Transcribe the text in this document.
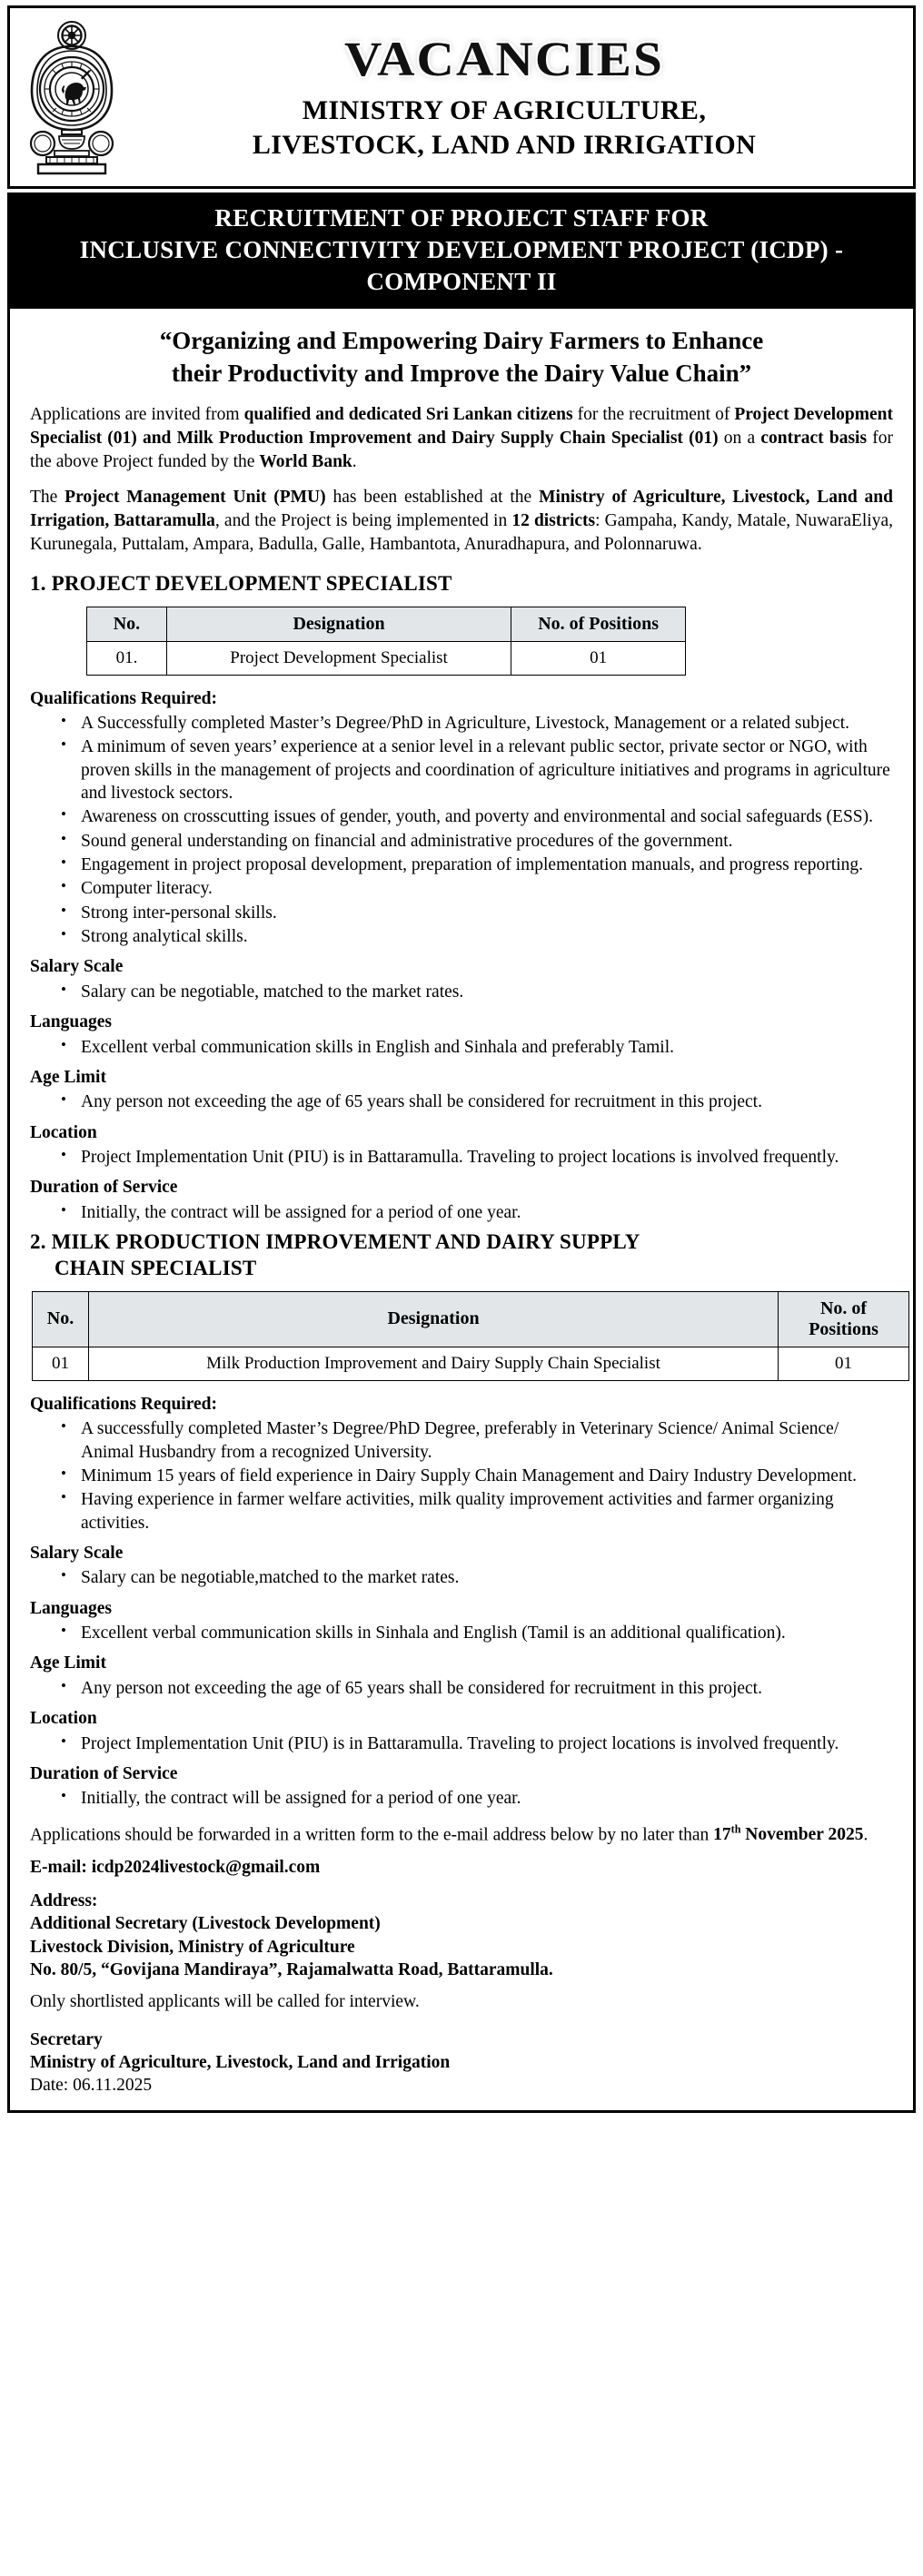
VACANCIES
MINISTRY OF AGRICULTURE,
LIVESTOCK, LAND AND IRRIGATION
RECRUITMENT OF PROJECT STAFF FOR
INCLUSIVE CONNECTIVITY DEVELOPMENT PROJECT (ICDP) -
COMPONENT II
“Organizing and Empowering Dairy Farmers to Enhance
their Productivity and Improve the Dairy Value Chain”

Applications are invited from qualified and dedicated Sri Lankan citizens for the recruitment of Project Development Specialist (01) and Milk Production Improvement and Dairy Supply Chain Specialist (01) on a contract basis for the above Project funded by the World Bank.

The Project Management Unit (PMU) has been established at the Ministry of Agriculture, Livestock, Land and Irrigation, Battaramulla, and the Project is being implemented in 12 districts: Gampaha, Kandy, Matale, NuwaraEliya, Kurunegala, Puttalam, Ampara, Badulla, Galle, Hambantota, Anuradhapura, and Polonnaruwa.

1. PROJECT DEVELOPMENT SPECIALIST
No.	Designation	No. of Positions
01.	Project Development Specialist	01
Qualifications Required:
• A Successfully completed Master’s Degree/PhD in Agriculture, Livestock, Management or a related subject.
• A minimum of seven years’ experience at a senior level in a relevant public sector, private sector or NGO, with proven skills in the management of projects and coordination of agriculture initiatives and programs in agriculture and livestock sectors.
• Awareness on crosscutting issues of gender, youth, and poverty and environmental and social safeguards (ESS).
• Sound general understanding on financial and administrative procedures of the government.
• Engagement in project proposal development, preparation of implementation manuals, and progress reporting.
• Computer literacy.
• Strong inter-personal skills.
• Strong analytical skills.
Salary Scale
• Salary can be negotiable, matched to the market rates.
Languages
• Excellent verbal communication skills in English and Sinhala and preferably Tamil.
Age Limit
• Any person not exceeding the age of 65 years shall be considered for recruitment in this project.
Location
• Project Implementation Unit (PIU) is in Battaramulla. Traveling to project locations is involved frequently.
Duration of Service
• Initially, the contract will be assigned for a period of one year.
2. MILK PRODUCTION IMPROVEMENT AND DAIRY SUPPLY
CHAIN SPECIALIST
No.	Designation	No. of Positions
01	Milk Production Improvement and Dairy Supply Chain Specialist	01
Qualifications Required:
• A successfully completed Master’s Degree/PhD Degree, preferably in Veterinary Science/ Animal Science/ Animal Husbandry from a recognized University.
• Minimum 15 years of field experience in Dairy Supply Chain Management and Dairy Industry Development.
• Having experience in farmer welfare activities, milk quality improvement activities and farmer organizing activities.
Salary Scale
• Salary can be negotiable,matched to the market rates.
Languages
• Excellent verbal communication skills in Sinhala and English (Tamil is an additional qualification).
Age Limit
• Any person not exceeding the age of 65 years shall be considered for recruitment in this project.
Location
• Project Implementation Unit (PIU) is in Battaramulla. Traveling to project locations is involved frequently.
Duration of Service
• Initially, the contract will be assigned for a period of one year.

Applications should be forwarded in a written form to the e-mail address below by no later than 17th November 2025.

E-mail: icdp2024livestock@gmail.com

Address:
Additional Secretary (Livestock Development)
Livestock Division, Ministry of Agriculture
No. 80/5, “Govijana Mandiraya”, Rajamalwatta Road, Battaramulla.

Only shortlisted applicants will be called for interview.

Secretary
Ministry of Agriculture, Livestock, Land and Irrigation
Date: 06.11.2025
